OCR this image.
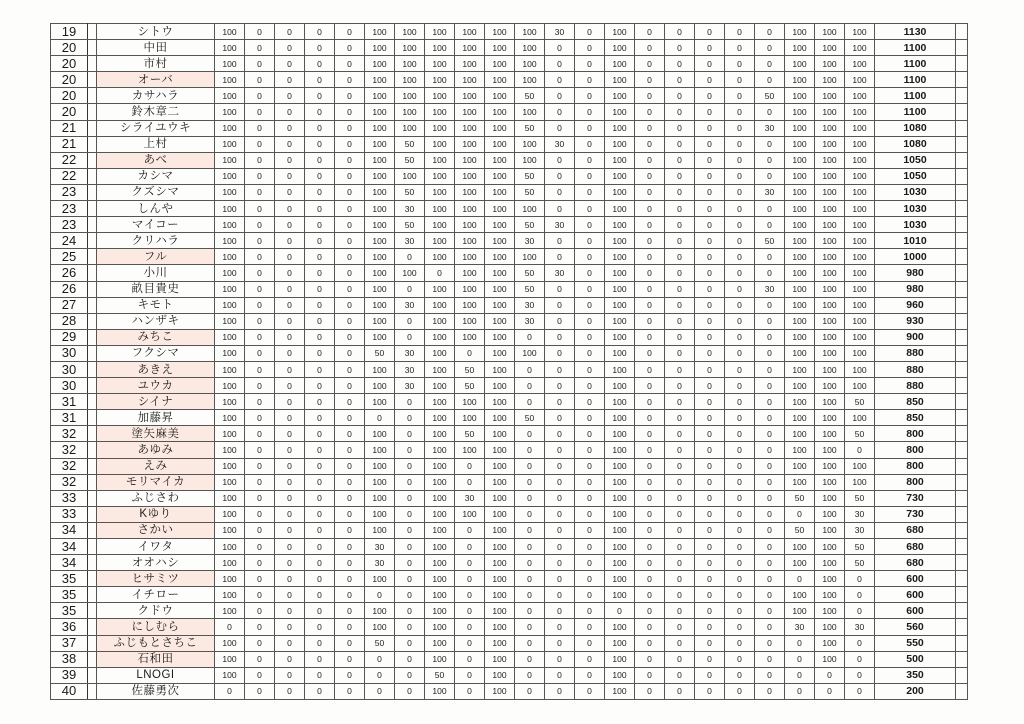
19		シトウ	100	0	0	0	0	100	100	100	100	100	100	30	0	100	0	0	0	0	0	100	100	100	1130	
20		中田	100	0	0	0	0	100	100	100	100	100	100	0	0	100	0	0	0	0	0	100	100	100	1100	
20		市村	100	0	0	0	0	100	100	100	100	100	100	0	0	100	0	0	0	0	0	100	100	100	1100	
20		オーバ	100	0	0	0	0	100	100	100	100	100	100	0	0	100	0	0	0	0	0	100	100	100	1100	
20		カサハラ	100	0	0	0	0	100	100	100	100	100	50	0	0	100	0	0	0	0	50	100	100	100	1100	
20		鈴木章二	100	0	0	0	0	100	100	100	100	100	100	0	0	100	0	0	0	0	0	100	100	100	1100	
21		シライユウキ	100	0	0	0	0	100	100	100	100	100	50	0	0	100	0	0	0	0	30	100	100	100	1080	
21		上村	100	0	0	0	0	100	50	100	100	100	100	30	0	100	0	0	0	0	0	100	100	100	1080	
22		あべ	100	0	0	0	0	100	50	100	100	100	100	0	0	100	0	0	0	0	0	100	100	100	1050	
22		カシマ	100	0	0	0	0	100	100	100	100	100	50	0	0	100	0	0	0	0	0	100	100	100	1050	
23		クズシマ	100	0	0	0	0	100	50	100	100	100	50	0	0	100	0	0	0	0	30	100	100	100	1030	
23		しんや	100	0	0	0	0	100	30	100	100	100	100	0	0	100	0	0	0	0	0	100	100	100	1030	
23		マイコー	100	0	0	0	0	100	50	100	100	100	50	30	0	100	0	0	0	0	0	100	100	100	1030	
24		クリハラ	100	0	0	0	0	100	30	100	100	100	30	0	0	100	0	0	0	0	50	100	100	100	1010	
25		フル	100	0	0	0	0	100	0	100	100	100	100	0	0	100	0	0	0	0	0	100	100	100	1000	
26		小川	100	0	0	0	0	100	100	0	100	100	50	30	0	100	0	0	0	0	0	100	100	100	980	
26		畝目貴史	100	0	0	0	0	100	0	100	100	100	50	0	0	100	0	0	0	0	30	100	100	100	980	
27		キモト	100	0	0	0	0	100	30	100	100	100	30	0	0	100	0	0	0	0	0	100	100	100	960	
28		ハンザキ	100	0	0	0	0	100	0	100	100	100	30	0	0	100	0	0	0	0	0	100	100	100	930	
29		みちこ	100	0	0	0	0	100	0	100	100	100	0	0	0	100	0	0	0	0	0	100	100	100	900	
30		フクシマ	100	0	0	0	0	50	30	100	0	100	100	0	0	100	0	0	0	0	0	100	100	100	880	
30		あきえ	100	0	0	0	0	100	30	100	50	100	0	0	0	100	0	0	0	0	0	100	100	100	880	
30		ユウカ	100	0	0	0	0	100	30	100	50	100	0	0	0	100	0	0	0	0	0	100	100	100	880	
31		シイナ	100	0	0	0	0	100	0	100	100	100	0	0	0	100	0	0	0	0	0	100	100	50	850	
31		加藤昇	100	0	0	0	0	0	0	100	100	100	50	0	0	100	0	0	0	0	0	100	100	100	850	
32		塗矢麻美	100	0	0	0	0	100	0	100	50	100	0	0	0	100	0	0	0	0	0	100	100	50	800	
32		あゆみ	100	0	0	0	0	100	0	100	100	100	0	0	0	100	0	0	0	0	0	100	100	0	800	
32		えみ	100	0	0	0	0	100	0	100	0	100	0	0	0	100	0	0	0	0	0	100	100	100	800	
32		モリマイカ	100	0	0	0	0	100	0	100	0	100	0	0	0	100	0	0	0	0	0	100	100	100	800	
33		ふじさわ	100	0	0	0	0	100	0	100	30	100	0	0	0	100	0	0	0	0	0	50	100	50	730	
33		Kゆり	100	0	0	0	0	100	0	100	100	100	0	0	0	100	0	0	0	0	0	0	100	30	730	
34		さかい	100	0	0	0	0	100	0	100	0	100	0	0	0	100	0	0	0	0	0	50	100	30	680	
34		イワタ	100	0	0	0	0	30	0	100	0	100	0	0	0	100	0	0	0	0	0	100	100	50	680	
34		オオハシ	100	0	0	0	0	30	0	100	0	100	0	0	0	100	0	0	0	0	0	100	100	50	680	
35		ヒサミツ	100	0	0	0	0	100	0	100	0	100	0	0	0	100	0	0	0	0	0	0	100	0	600	
35		イチロー	100	0	0	0	0	0	0	100	0	100	0	0	0	100	0	0	0	0	0	100	100	0	600	
35		クドウ	100	0	0	0	0	100	0	100	0	100	0	0	0	0	0	0	0	0	0	100	100	0	600	
36		にしむら	0	0	0	0	0	100	0	100	0	100	0	0	0	100	0	0	0	0	0	30	100	30	560	
37		ふじもとさちこ	100	0	0	0	0	50	0	100	0	100	0	0	0	100	0	0	0	0	0	0	100	0	550	
38		石和田	100	0	0	0	0	0	0	100	0	100	0	0	0	100	0	0	0	0	0	0	100	0	500	
39		LNOGI	100	0	0	0	0	0	0	50	0	100	0	0	0	100	0	0	0	0	0	0	0	0	350	
40		佐藤勇次	0	0	0	0	0	0	0	100	0	100	0	0	0	100	0	0	0	0	0	0	0	0	200	
